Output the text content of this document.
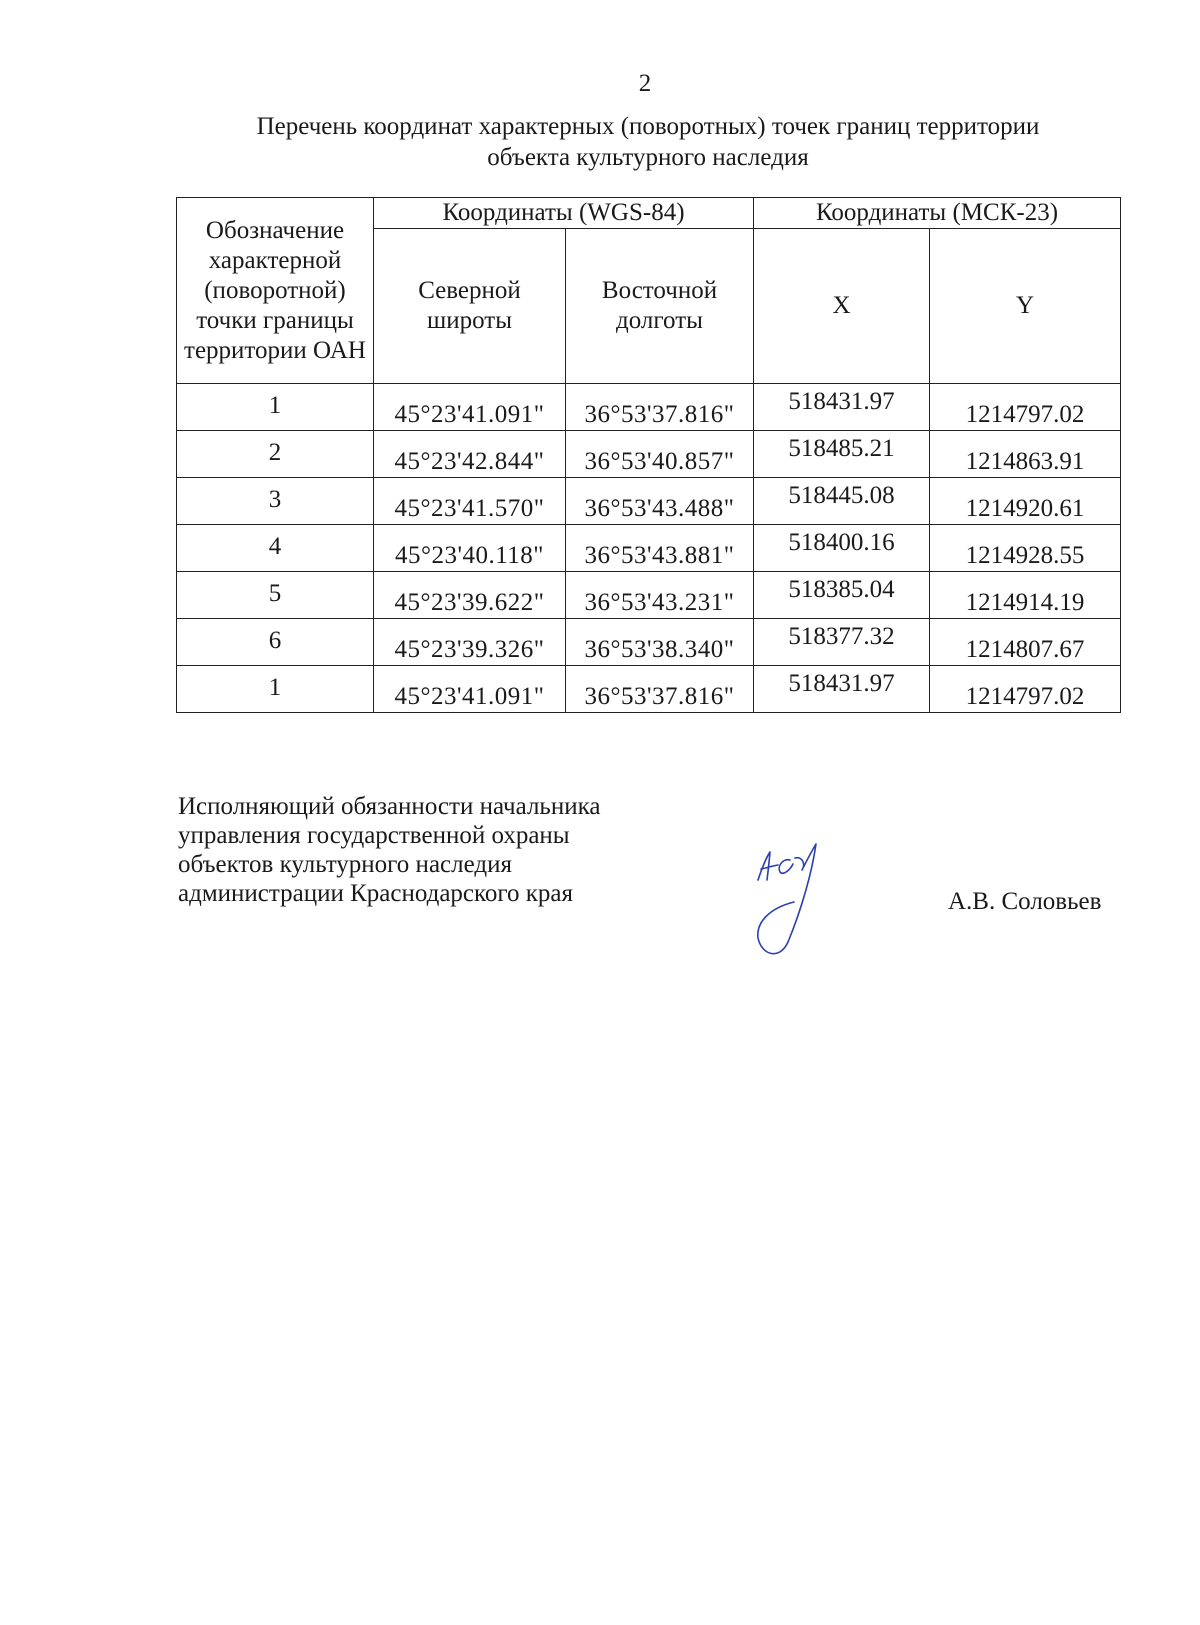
2
Перечень координат характерных (поворотных) точек границ территории
объекта культурного наследия
Обозначение характерной (поворотной) точки границы территории ОАН	Координаты (WGS-84)		Координаты (МСК-23)	
	Северной широты	Восточной долготы	X	Y
1	45°23'41.091"	36°53'37.816"	518431.97	1214797.02
2	45°23'42.844"	36°53'40.857"	518485.21	1214863.91
3	45°23'41.570"	36°53'43.488"	518445.08	1214920.61
4	45°23'40.118"	36°53'43.881"	518400.16	1214928.55
5	45°23'39.622"	36°53'43.231"	518385.04	1214914.19
6	45°23'39.326"	36°53'38.340"	518377.32	1214807.67
1	45°23'41.091"	36°53'37.816"	518431.97	1214797.02
Исполняющий обязанности начальника
управления государственной охраны
объектов культурного наследия
администрации Краснодарского края	А.В. Соловьев
